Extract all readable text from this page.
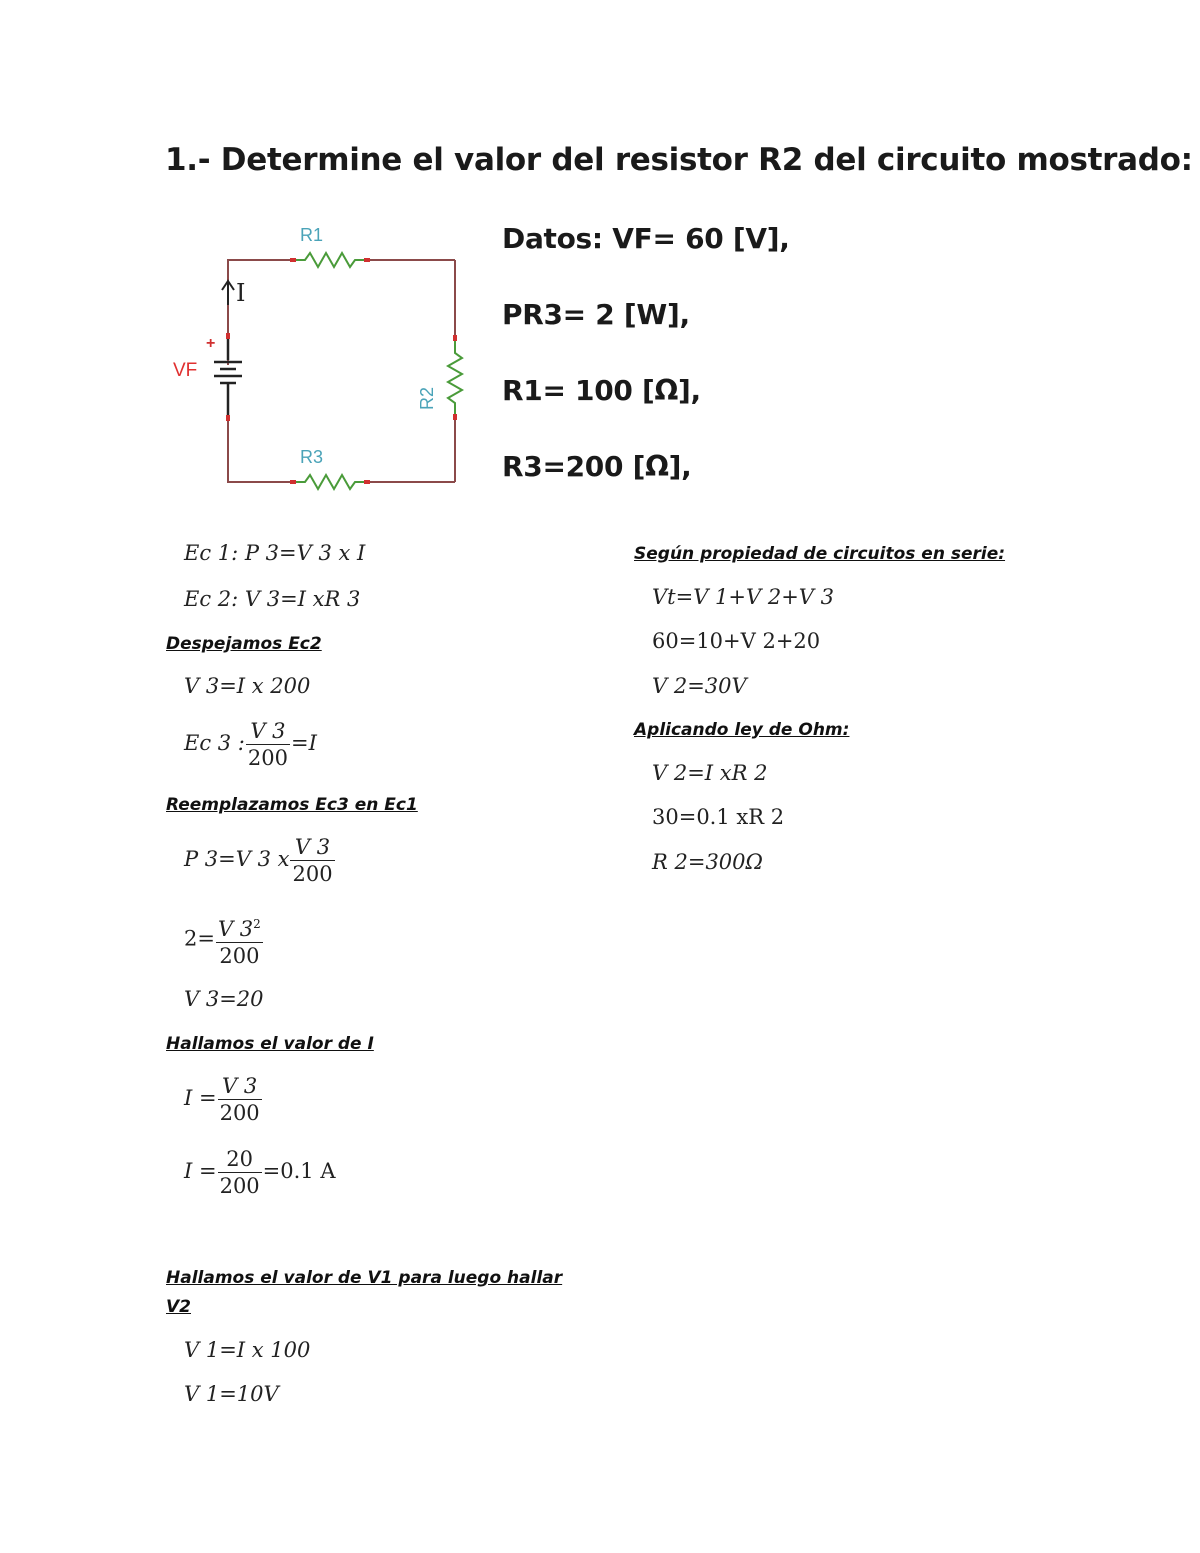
1.- Determine el valor del resistor R2 del circuito mostrado:
I
+
VF
R1
R3
R2
Datos: VF= 60 [V],
PR3= 2 [W],
R1= 100 [Ω],
R3=200 [Ω],
Ec 1: P 3=V 3 x I
Ec 2: V 3=I xR 3
Despejamos Ec2
V 3=I x 200
Ec 3 : $\frac{V 3}{200} =I$
Reemplazamos Ec3 en Ec1
P 3=V 3 x $\frac{V 3}{200}$
$2= \frac{V 3^2}{200}$
V 3=20
Hallamos el valor de I
$I = \frac{V 3}{200}$
$I = \frac{20}{200} =0.1$ A
Hallamos el valor de V1 para luego hallar
V2
V 1=I x 100
V 1=10V
Según propiedad de circuitos en serie:
Vt=V 1+V 2+V 3
60=10+V 2+20
V 2=30V
Aplicando ley de Ohm:
V 2=I xR 2
30=0.1 xR 2
R 2=300Ω
